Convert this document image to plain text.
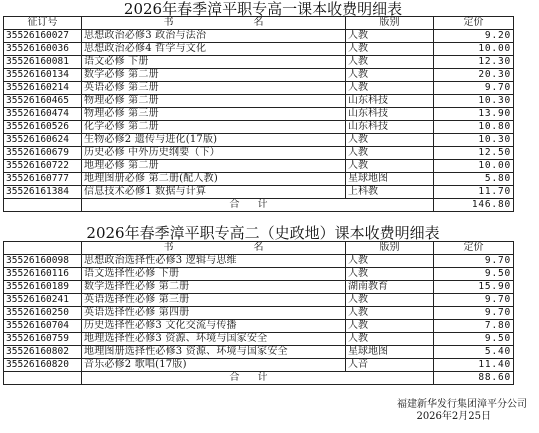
2026年春季漳平职专高一课本收费明细表
征订号	书 名	版别	定价
35526160027	思想政治必修3 政治与法治	人教	9.20
35526160036	思想政治必修4 哲学与文化	人教	10.00
35526160081	语文必修 下册	人教	12.30
35526160134	数学必修 第二册	人教	20.30
35526160214	英语必修 第三册	人教	9.70
35526160465	物理必修 第二册	山东科技	10.30
35526160474	物理必修 第三册	山东科技	13.90
35526160526	化学必修 第二册	山东科技	10.80
35526160624	生物必修2 遗传与进化(17版)	人教	10.30
35526160679	历史必修 中外历史纲要（下）	人教	12.50
35526160722	地理必修 第二册	人教	10.00
35526160777	地理图册必修 第二册(配人教)	星球地图	5.80
35526161384	信息技术必修1 数据与计算	上科教	11.70
	合计		146.80
2026年春季漳平职专高二（史政地）课本收费明细表
	书 名	版别	定价
35526160098	思想政治选择性必修3 逻辑与思维	人教	9.70
35526160116	语文选择性必修 下册	人教	9.50
35526160189	数学选择性必修 第二册	湖南教育	15.90
35526160241	英语选择性必修 第三册	人教	9.70
35526160250	英语选择性必修 第四册	人教	9.70
35526160704	历史选择性必修3 文化交流与传播	人教	7.80
35526160759	地理选择性必修3 资源、环境与国家安全	人教	9.50
35526160802	地理图册选择性必修3 资源、环境与国家安全	星球地图	5.40
35526160820	音乐必修2 歌唱(17版)	人音	11.40
	合计		88.60
福建新华发行集团漳平分公司
2026年2月25日
